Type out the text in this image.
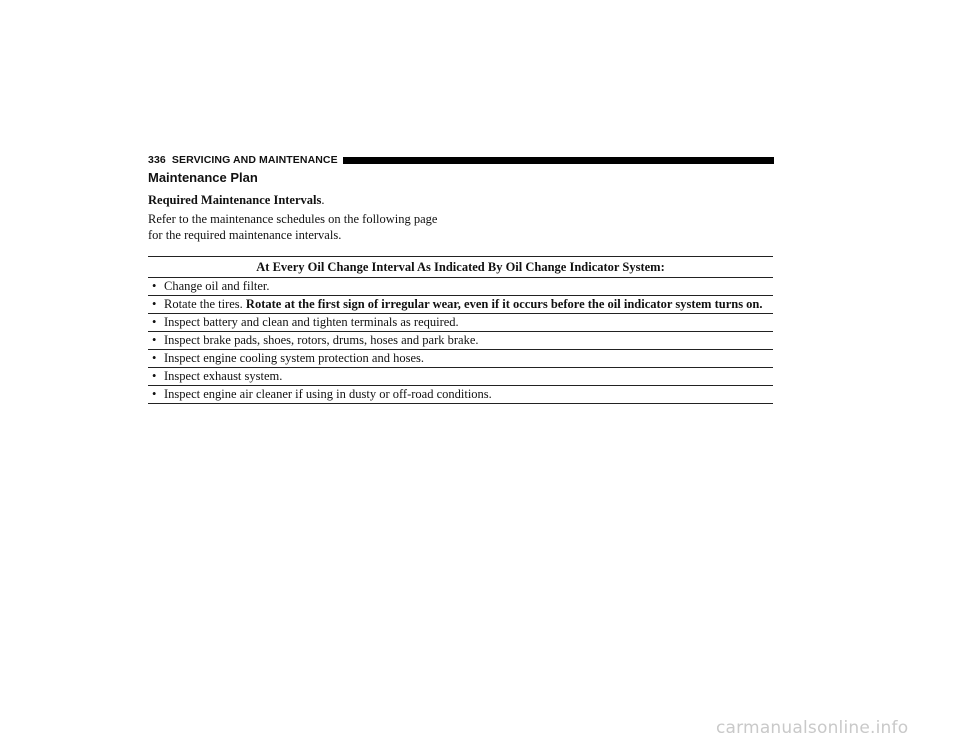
336 SERVICING AND MAINTENANCE
Maintenance Plan
Required Maintenance Intervals.
Refer to the maintenance schedules on the following page
for the required maintenance intervals.
At Every Oil Change Interval As Indicated By Oil Change Indicator System:

• Change oil and filter.

• Rotate the tires. Rotate at the first sign of irregular wear, even if it occurs before the oil indicator system turns on.

• Inspect battery and clean and tighten terminals as required.

• Inspect brake pads, shoes, rotors, drums, hoses and park brake.

• Inspect engine cooling system protection and hoses.

• Inspect exhaust system.

• Inspect engine air cleaner if using in dusty or off-road conditions.
carmanualsonline.info
